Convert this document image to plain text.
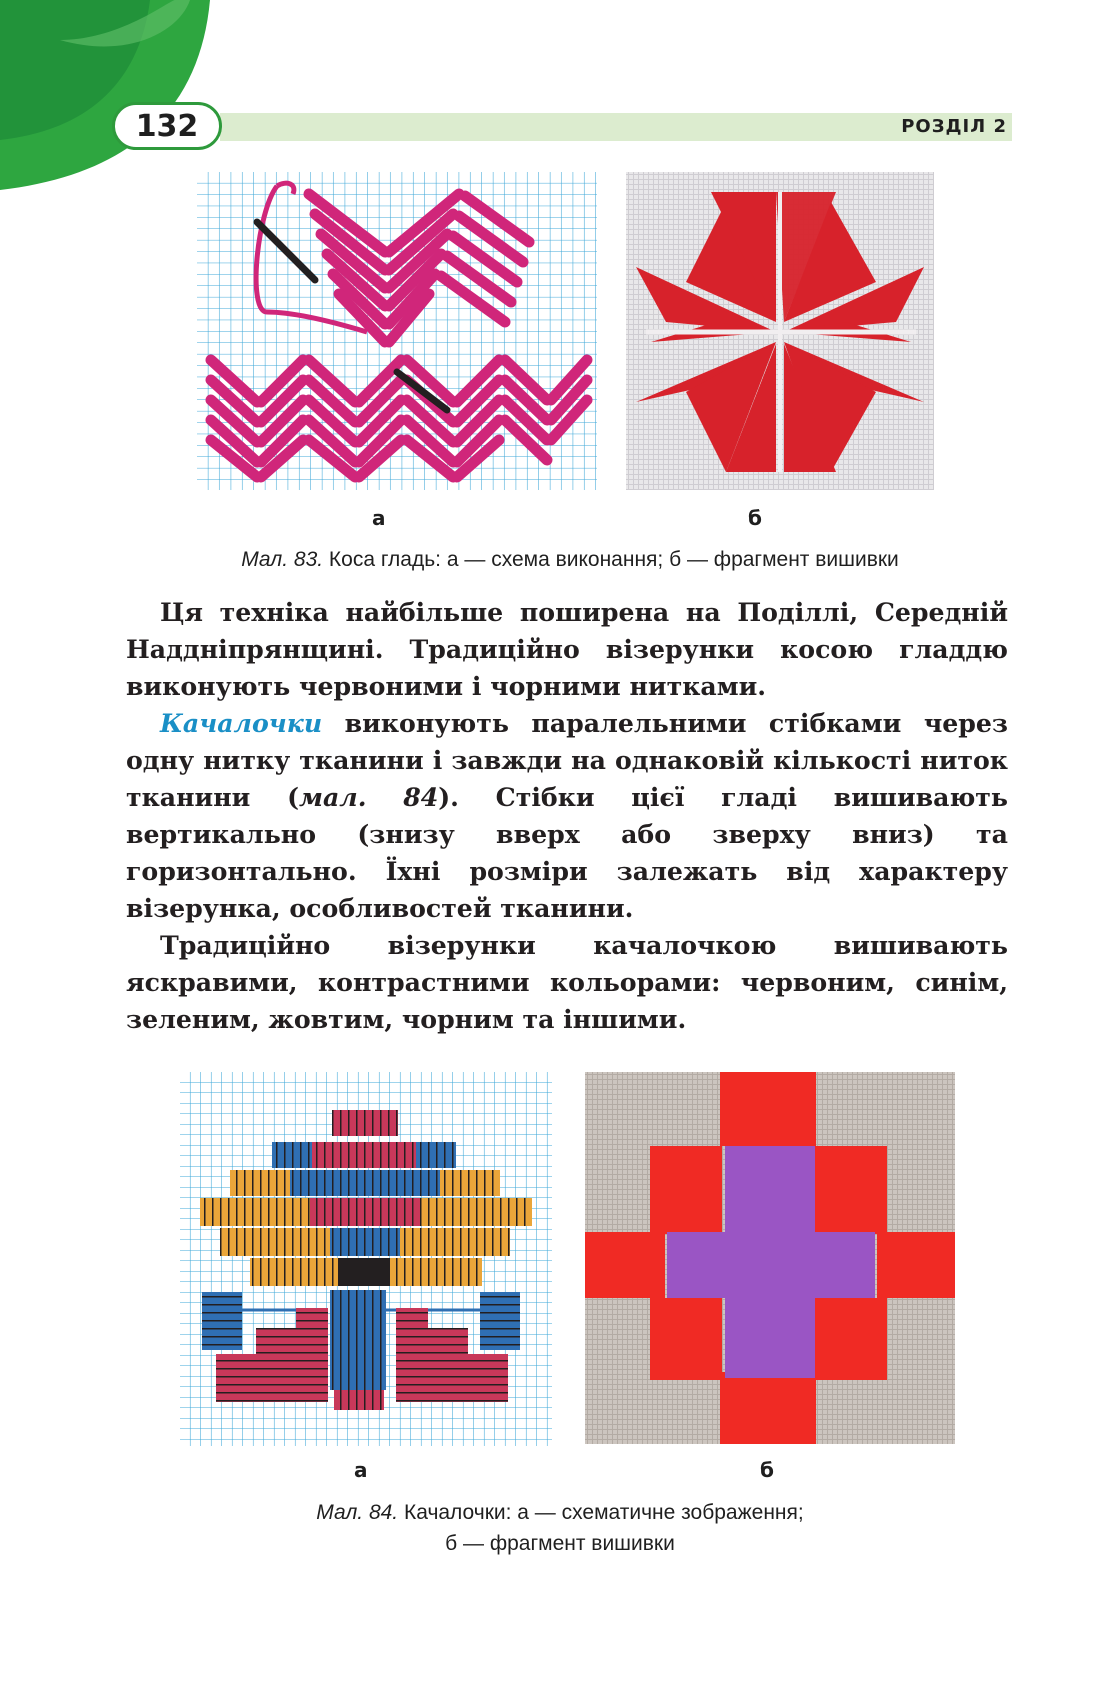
132	РОЗДІЛ 2
а	б
Мал. 83. Коса гладь: а — схема виконання; б — фрагмент вишивки

Ця техніка найбільше поширена на Поділлі, Середній Наддніпрянщині. Традиційно візерунки косою гладдю виконують червоними і чорними нитками.

Качалочки виконують паралельними стібками через одну нитку тканини і завжди на однаковій кількості ниток тканини (мал. 84). Стібки цієї гладі вишивають вертикально (знизу вверх або зверху вниз) та горизонтально. Їхні розміри залежать від характеру візерунка, особливостей тканини.

Традиційно візерунки качалочкою вишивають яскравими, контрастними кольорами: червоним, синім, зеленим, жовтим, чорним та іншими.

а	б
Мал. 84. Качалочки: а — схематичне зображення;
б — фрагмент вишивки
